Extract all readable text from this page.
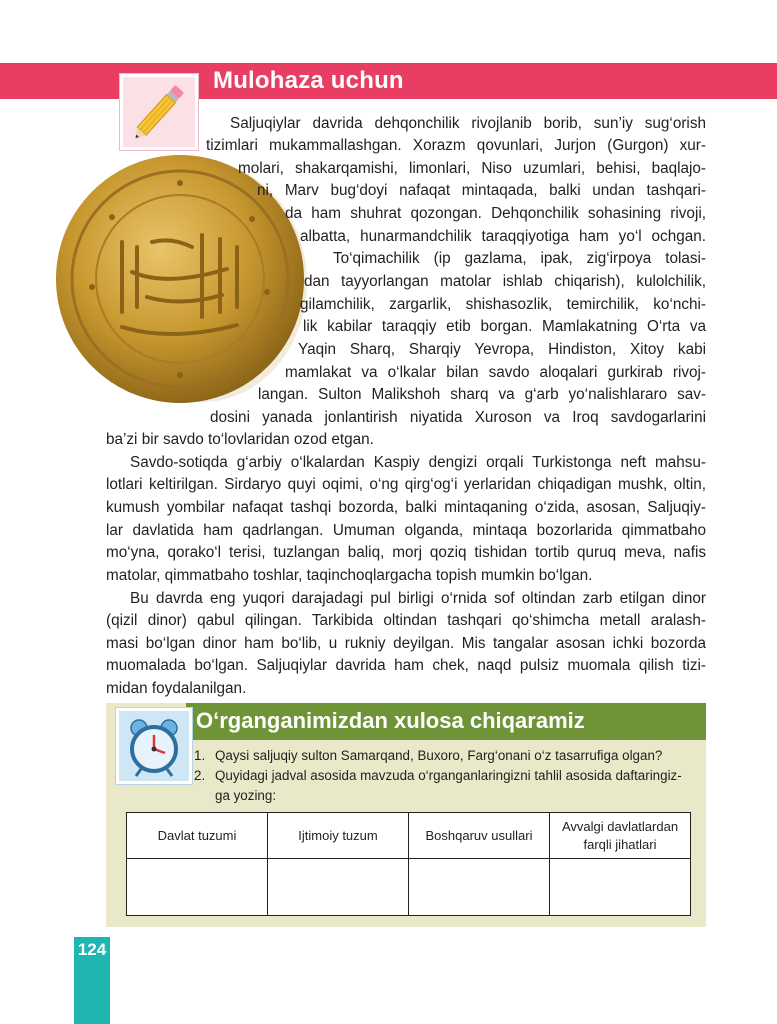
Mulohaza uchun
Saljuqiylar davrida dehqonchilik rivojlanib borib, sun’iy sug‘orish
tizimlari mukammallashgan. Xorazm qovunlari, Jurjon (Gurgon) xur-
molari, shakarqamishi, limonlari, Niso uzumlari, behisi, baqlajo-
ni, Marv bug‘doyi nafaqat mintaqada, balki undan tashqari-
da ham shuhrat qozongan. Dehqonchilik sohasining rivoji,
albatta, hunarmandchilik taraqqiyotiga ham yo‘l ochgan.
To‘qimachilik (ip gazlama, ipak, zig‘irpoya tolasi-
dan tayyorlangan matolar ishlab chiqarish), kulolchilik,
gilamchilik, zargarlik, shishasozlik, temirchilik, ko‘nchi-
lik kabilar taraqqiy etib borgan. Mamlakatning O‘rta va
Yaqin Sharq, Sharqiy Yevropa, Hindiston, Xitoy kabi
mamlakat va o‘lkalar bilan savdo aloqalari gurkirab rivoj-
langan. Sulton Malikshoh sharq va g‘arb yo‘nalishlararo sav-
dosini yanada jonlantirish niyatida Xuroson va Iroq savdogarlarini
ba’zi bir savdo to‘lovlaridan ozod etgan.
Savdo-sotiqda g‘arbiy o‘lkalardan Kaspiy dengizi orqali Turkistonga neft mahsu-
lotlari keltirilgan. Sirdaryo quyi oqimi, o‘ng qirg‘og‘i yerlaridan chiqadigan mushk, oltin,
kumush yombilar nafaqat tashqi bozorda, balki mintaqaning o‘zida, asosan, Saljuqiy-
lar davlatida ham qadrlangan. Umuman olganda, mintaqa bozorlarida qimmatbaho
mo‘yna, qorako‘l terisi, tuzlangan baliq, morj qoziq tishidan tortib quruq meva, nafis
matolar, qimmatbaho toshlar, taqinchoqlargacha topish mumkin bo‘lgan.
Bu davrda eng yuqori darajadagi pul birligi o‘rnida sof oltindan zarb etilgan dinor
(qizil dinor) qabul qilingan. Tarkibida oltindan tashqari qo‘shimcha metall aralash-
masi bo‘lgan dinor ham bo‘lib, u rukniy deyilgan. Mis tangalar asosan ichki bozorda
muomalada bo‘lgan. Saljuqiylar davrida ham chek, naqd pulsiz muomala qilish tizi-
midan foydalanilgan.
O‘rganganimizdan xulosa chiqaramiz
1. Qaysi saljuqiy sulton Samarqand, Buxoro, Farg‘onani o‘z tasarrufiga olgan?
2. Quyidagi jadval asosida mavzuda o‘rganganlaringizni tahlil asosida daftaringiz-
ga yozing:
Davlat tuzumi	Ijtimoiy tuzum	Boshqaruv usullari	Avvalgi davlatlardan
farqli jihatlari

124
